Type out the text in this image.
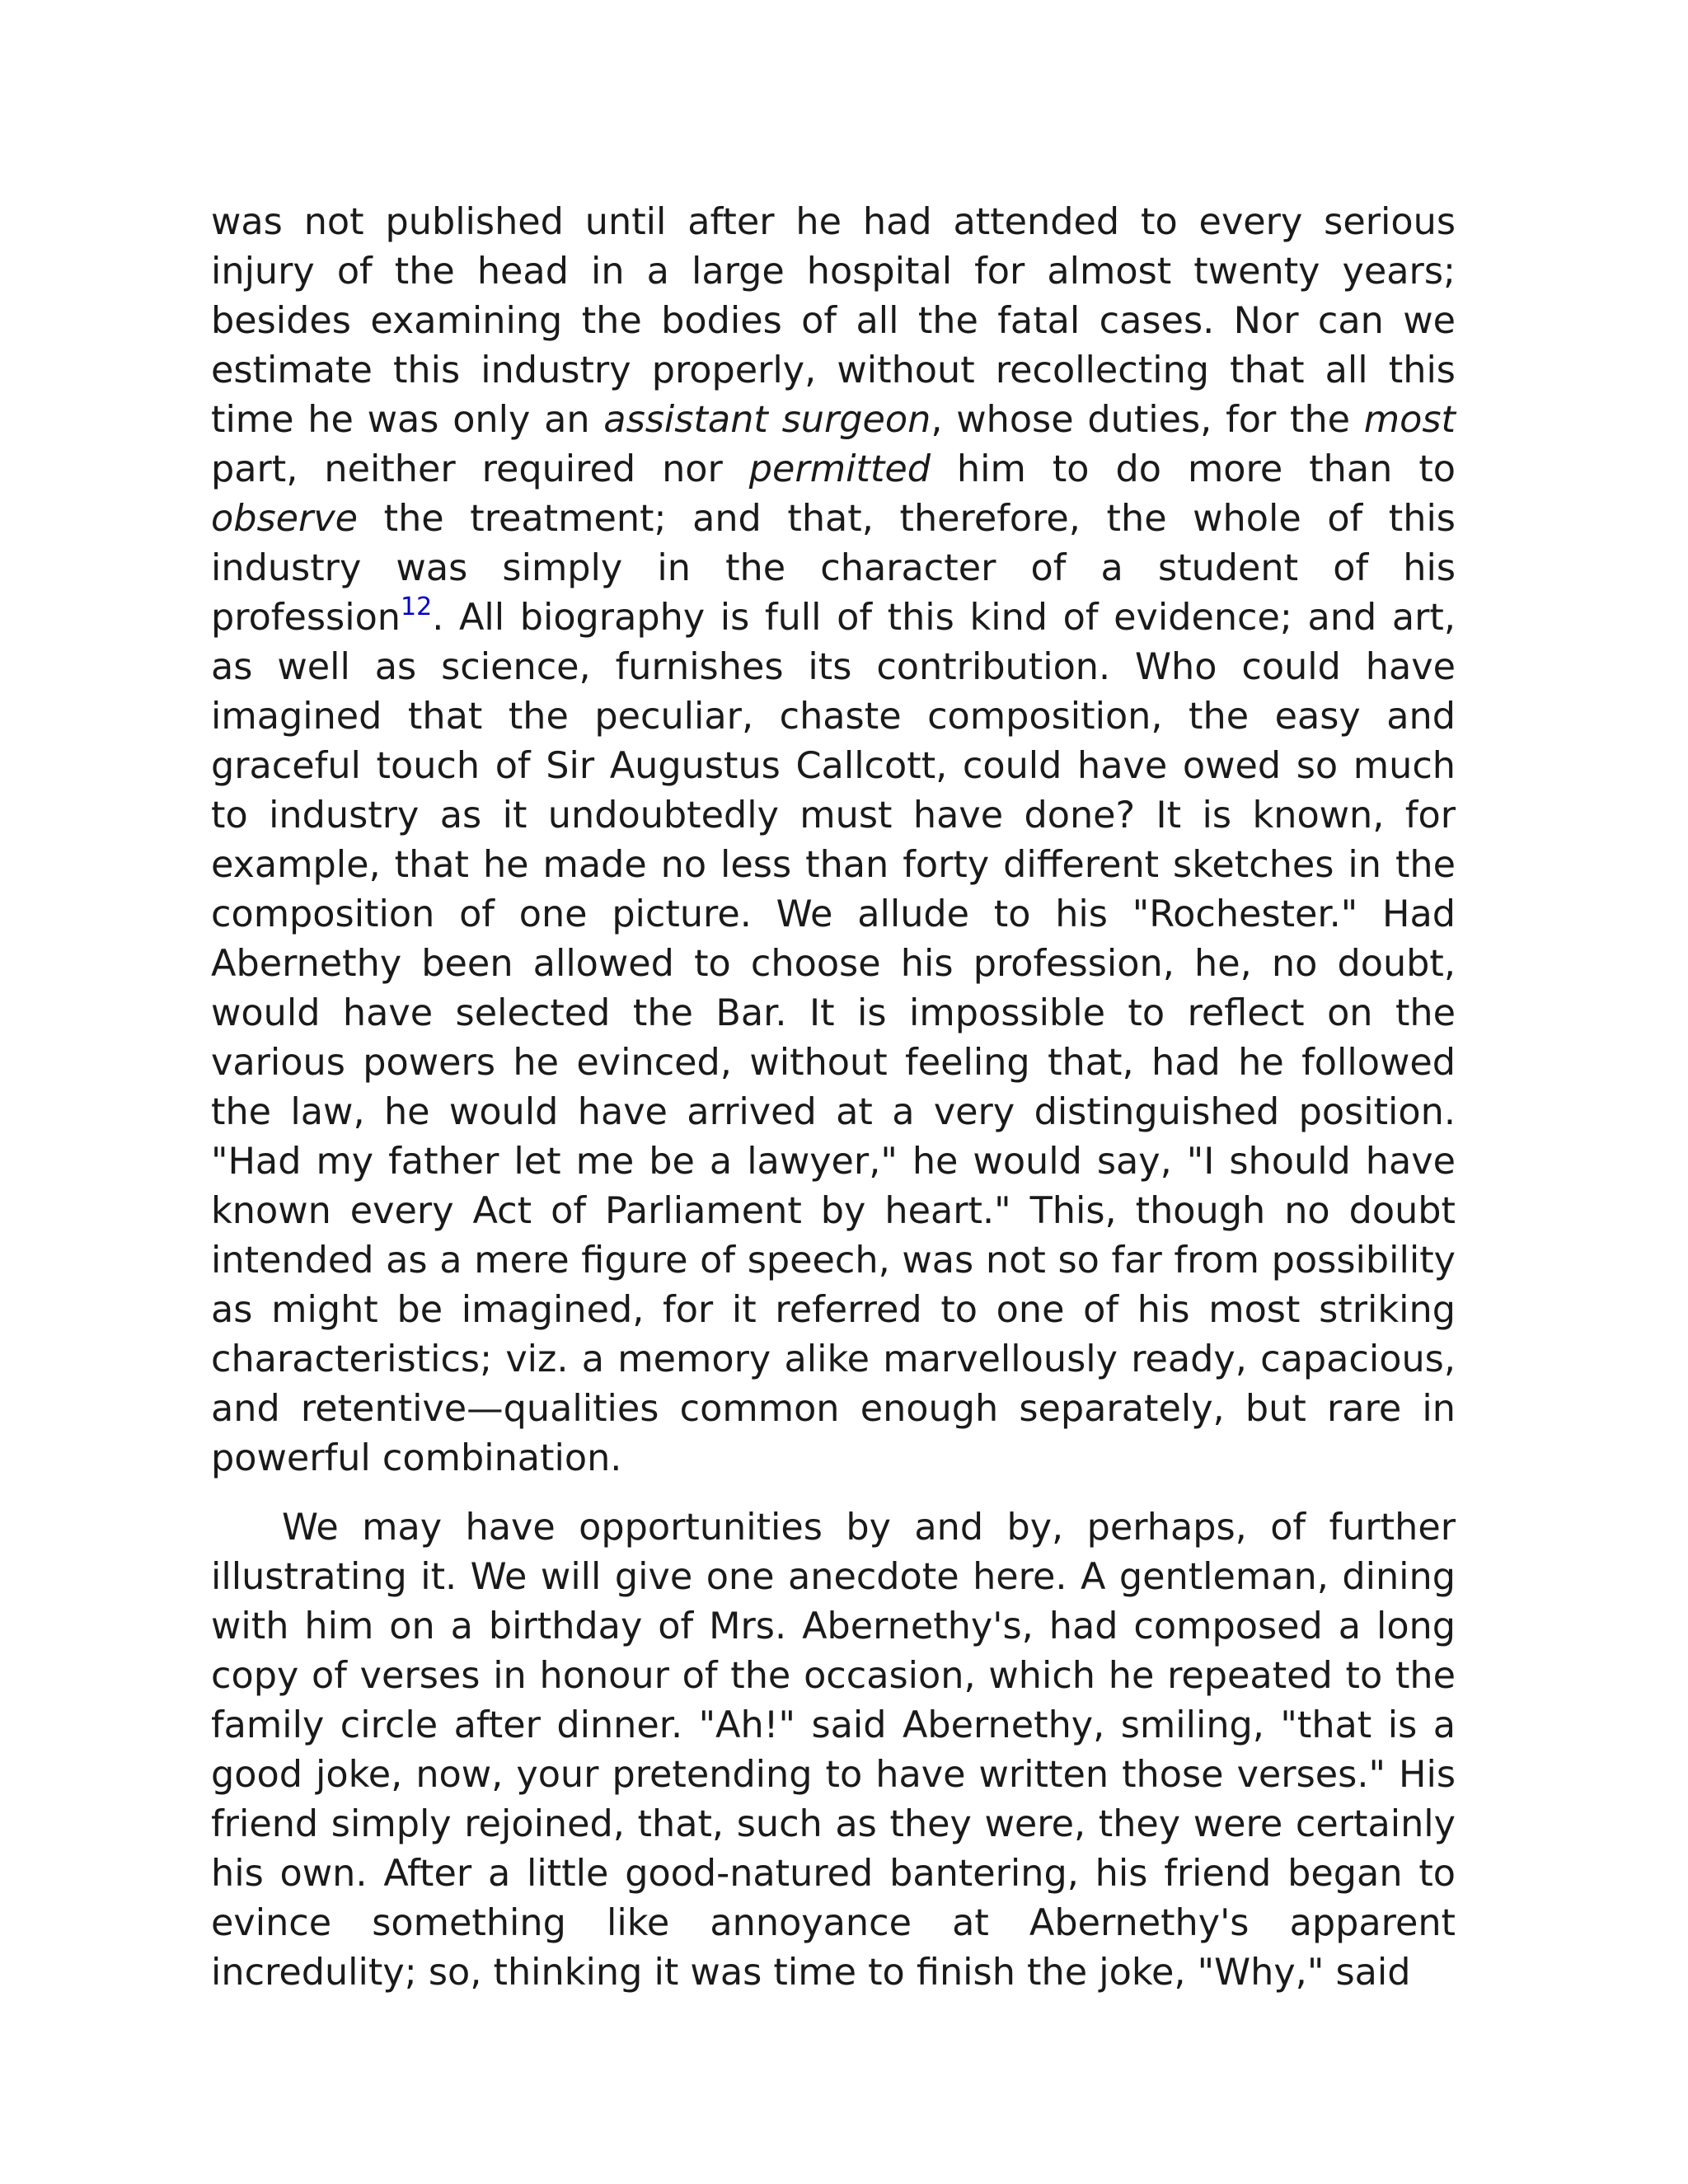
was not published until after he had attended to every serious injury of the head in a large hospital for almost twenty years; besides examining the bodies of all the fatal cases. Nor can we estimate this industry properly, without recollecting that all this time he was only an assistant surgeon, whose duties, for the most part, neither required nor permitted him to do more than to observe the treatment; and that, therefore, the whole of this industry was simply in the character of a student of his profession$^{12}$. All biography is full of this kind of evidence; and art, as well as science, furnishes its contribution. Who could have imagined that the peculiar, chaste composition, the easy and graceful touch of Sir Augustus Callcott, could have owed so much to industry as it undoubtedly must have done? It is known, for example, that he made no less than forty different sketches in the composition of one picture. We allude to his "Rochester." Had Abernethy been allowed to choose his profession, he, no doubt, would have selected the Bar. It is impossible to reflect on the various powers he evinced, without feeling that, had he followed the law, he would have arrived at a very distinguished position. "Had my father let me be a lawyer," he would say, "I should have known every Act of Parliament by heart." This, though no doubt intended as a mere figure of speech, was not so far from possibility as might be imagined, for it referred to one of his most striking characteristics; viz. a memory alike marvellously ready, capacious, and retentive—qualities common enough separately, but rare in powerful combination.

We may have opportunities by and by, perhaps, of further illustrating it. We will give one anecdote here. A gentleman, dining with him on a birthday of Mrs. Abernethy's, had composed a long copy of verses in honour of the occasion, which he repeated to the family circle after dinner. "Ah!" said Abernethy, smiling, "that is a good joke, now, your pretending to have written those verses." His friend simply rejoined, that, such as they were, they were certainly his own. After a little good-natured bantering, his friend began to evince something like annoyance at Abernethy's apparent incredulity; so, thinking it was time to finish the joke, "Why," said
